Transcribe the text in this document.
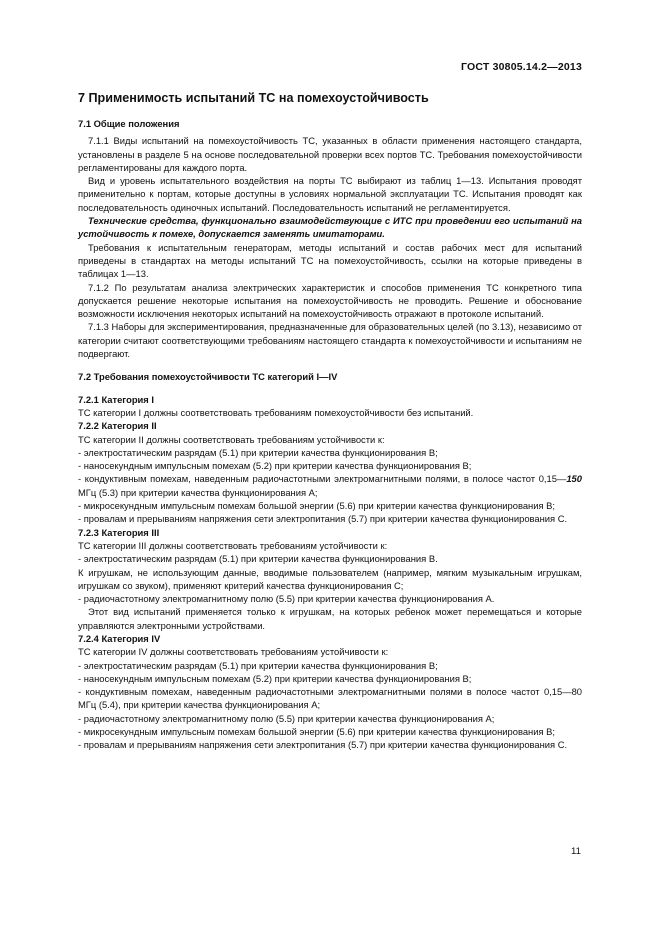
ГОСТ 30805.14.2—2013
7 Применимость испытаний ТС на помехоустойчивость
7.1 Общие положения

7.1.1 Виды испытаний на помехоустойчивость ТС, указанных в области применения настоящего стандарта, установлены в разделе 5 на основе последовательной проверки всех портов ТС. Требования помехоустойчивости регламентированы для каждого порта.

Вид и уровень испытательного воздействия на порты ТС выбирают из таблиц 1—13. Испытания проводят применительно к портам, которые доступны в условиях нормальной эксплуатации ТС. Испытания проводят как последовательность одиночных испытаний. Последовательность испытаний не регламентируется.

Технические средства, функционально взаимодействующие с ИТС при проведении его испытаний на устойчивость к помехе, допускается заменять имитаторами.

Требования к испытательным генераторам, методы испытаний и состав рабочих мест для испытаний приведены в стандартах на методы испытаний ТС на помехоустойчивость, ссылки на которые приведены в таблицах 1—13.

7.1.2 По результатам анализа электрических характеристик и способов применения ТС конкретного типа допускается решение некоторые испытания на помехоустойчивость не проводить. Решение и обоснование возможности исключения некоторых испытаний на помехоустойчивость отражают в протоколе испытаний.

7.1.3 Наборы для экспериментирования, предназначенные для образовательных целей (по 3.13), независимо от категории считают соответствующими требованиям настоящего стандарта к помехоустойчивости и испытаниям не подвергают.

7.2 Требования помехоустойчивости ТС категорий I—IV
7.2.1 Категория I

ТС категории I должны соответствовать требованиям помехоустойчивости без испытаний.

7.2.2 Категория II

ТС категории II должны соответствовать требованиям устойчивости к:

- электростатическим разрядам (5.1) при критерии качества функционирования В;

- наносекундным импульсным помехам (5.2) при критерии качества функционирования В;

- кондуктивным помехам, наведенным радиочастотными электромагнитными полями, в полосе частот 0,15—150 МГц (5.3) при критерии качества функционирования А;

- микросекундным импульсным помехам большой энергии (5.6) при критерии качества функционирования В;

- провалам и прерываниям напряжения сети электропитания (5.7) при критерии качества функционирования С.

7.2.3 Категория III

ТС категории III должны соответствовать требованиям устойчивости к:

- электростатическим разрядам (5.1) при критерии качества функционирования В.

К игрушкам, не использующим данные, вводимые пользователем (например, мягким музыкальным игрушкам, игрушкам со звуком), применяют критерий качества функционирования С;

- радиочастотному электромагнитному полю (5.5) при критерии качества функционирования А.

Этот вид испытаний применяется только к игрушкам, на которых ребенок может перемещаться и которые управляются электронными устройствами.

7.2.4 Категория IV

ТС категории IV должны соответствовать требованиям устойчивости к:

- электростатическим разрядам (5.1) при критерии качества функционирования В;

- наносекундным импульсным помехам (5.2) при критерии качества функционирования В;

- кондуктивным помехам, наведенным радиочастотными электромагнитными полями в полосе частот 0,15—80 МГц (5.4), при критерии качества функционирования А;

- радиочастотному электромагнитному полю (5.5) при критерии качества функционирования А;

- микросекундным импульсным помехам большой энергии (5.6) при критерии качества функционирования В;

- провалам и прерываниям напряжения сети электропитания (5.7) при критерии качества функционирования С.

11
